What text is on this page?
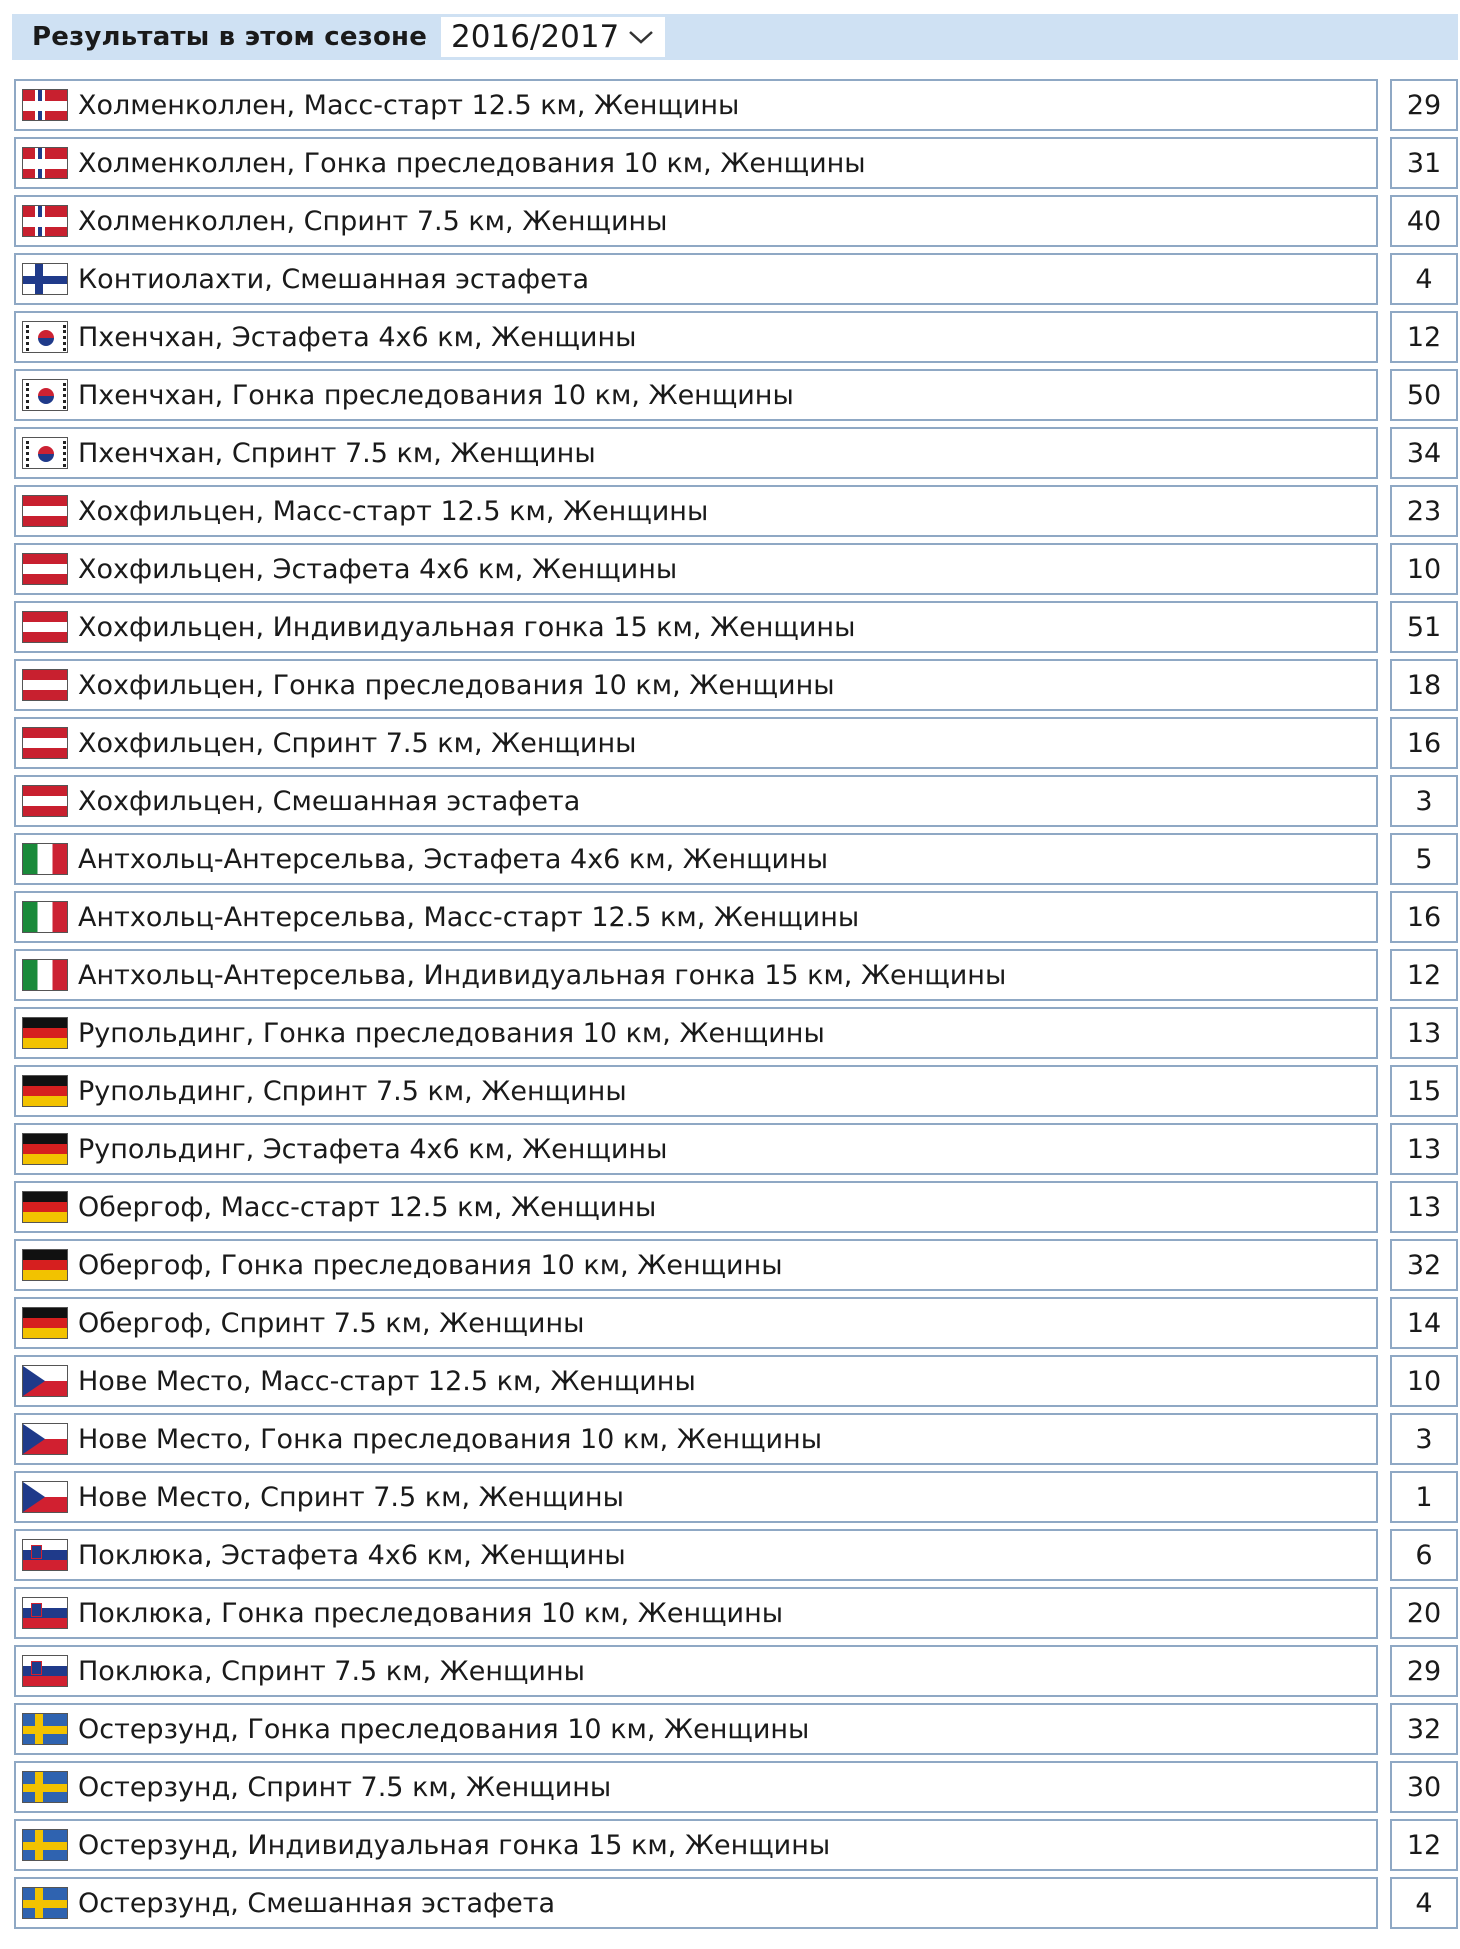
Результаты в этом сезоне 2016/2017
Холменколлен, Масс-старт 12.5 км, Женщины	29
Холменколлен, Гонка преследования 10 км, Женщины	31
Холменколлен, Спринт 7.5 км, Женщины	40
Контиолахти, Смешанная эстафета	4
Пхенчхан, Эстафета 4x6 км, Женщины	12
Пхенчхан, Гонка преследования 10 км, Женщины	50
Пхенчхан, Спринт 7.5 км, Женщины	34
Хохфильцен, Масс-старт 12.5 км, Женщины	23
Хохфильцен, Эстафета 4x6 км, Женщины	10
Хохфильцен, Индивидуальная гонка 15 км, Женщины	51
Хохфильцен, Гонка преследования 10 км, Женщины	18
Хохфильцен, Спринт 7.5 км, Женщины	16
Хохфильцен, Смешанная эстафета	3
Антхольц-Антерсельва, Эстафета 4x6 км, Женщины	5
Антхольц-Антерсельва, Масс-старт 12.5 км, Женщины	16
Антхольц-Антерсельва, Индивидуальная гонка 15 км, Женщины	12
Рупольдинг, Гонка преследования 10 км, Женщины	13
Рупольдинг, Спринт 7.5 км, Женщины	15
Рупольдинг, Эстафета 4x6 км, Женщины	13
Обергоф, Масс-старт 12.5 км, Женщины	13
Обергоф, Гонка преследования 10 км, Женщины	32
Обергоф, Спринт 7.5 км, Женщины	14
Нове Место, Масс-старт 12.5 км, Женщины	10
Нове Место, Гонка преследования 10 км, Женщины	3
Нове Место, Спринт 7.5 км, Женщины	1
Поклюка, Эстафета 4x6 км, Женщины	6
Поклюка, Гонка преследования 10 км, Женщины	20
Поклюка, Спринт 7.5 км, Женщины	29
Остерзунд, Гонка преследования 10 км, Женщины	32
Остерзунд, Спринт 7.5 км, Женщины	30
Остерзунд, Индивидуальная гонка 15 км, Женщины	12
Остерзунд, Смешанная эстафета	4
